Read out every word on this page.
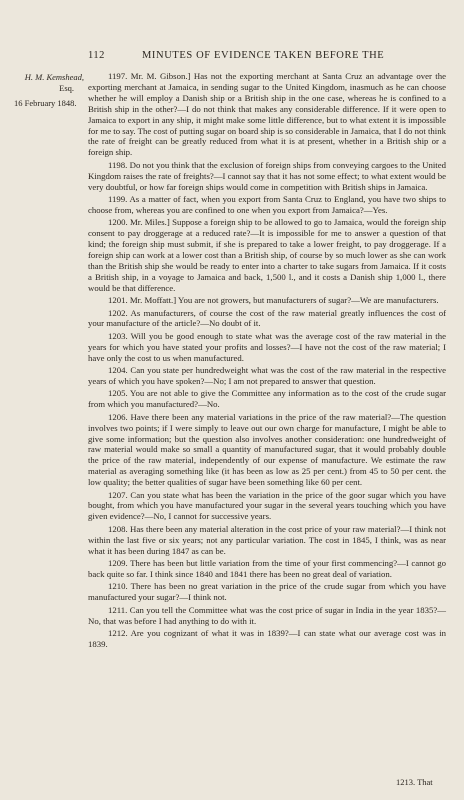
112	MINUTES OF EVIDENCE TAKEN BEFORE THE
H. M. Kemshead,
Esq.
16 February 1848.

1197. Mr. M. Gibson.] Has not the exporting merchant at Santa Cruz an advantage over the exporting merchant at Jamaica, in sending sugar to the United Kingdom, inasmuch as he can choose whether he will employ a Danish ship or a British ship in the one case, whereas he is confined to a British ship in the other?—I do not think that makes any considerable difference. If it were open to Jamaica to export in any ship, it might make some little difference, but to what extent it is impossible for me to say. The cost of putting sugar on board ship is so considerable in Jamaica, that I do not think the rate of freight can be greatly reduced from what it is at present, whether in a British ship or a foreign ship.

1198. Do not you think that the exclusion of foreign ships from conveying cargoes to the United Kingdom raises the rate of freights?—I cannot say that it has not some effect; to what extent would be very doubtful, or how far foreign ships would come in competition with British ships in Jamaica.

1199. As a matter of fact, when you export from Santa Cruz to England, you have two ships to choose from, whereas you are confined to one when you export from Jamaica?—Yes.

1200. Mr. Miles.] Suppose a foreign ship to be allowed to go to Jamaica, would the foreign ship consent to pay droggerage at a reduced rate?—It is impossible for me to answer a question of that kind; the foreign ship must submit, if she is prepared to take a lower freight, to pay droggerage. If a foreign ship can work at a lower cost than a British ship, of course by so much lower as she can work than the British ship she would be ready to enter into a charter to take sugars from Jamaica. If it costs a British ship, in a voyage to Jamaica and back, 1,500 l., and it costs a Danish ship 1,000 l., there would be that difference.

1201. Mr. Moffatt.] You are not growers, but manufacturers of sugar?—We are manufacturers.

1202. As manufacturers, of course the cost of the raw material greatly influences the cost of your manufacture of the article?—No doubt of it.

1203. Will you be good enough to state what was the average cost of the raw material in the years for which you have stated your profits and losses?—I have not the cost of the raw material; I have only the cost to us when manufactured.

1204. Can you state per hundredweight what was the cost of the raw material in the respective years of which you have spoken?—No; I am not prepared to answer that question.

1205. You are not able to give the Committee any information as to the cost of the crude sugar from which you manufactured?—No.

1206. Have there been any material variations in the price of the raw material?—The question involves two points; if I were simply to leave out our own charge for manufacture, I might be able to give some information; but the question also involves another consideration: one hundredweight of raw material would make so small a quantity of manufactured sugar, that it would probably double the price of the raw material, independently of our expense of manufacture. We estimate the raw material as averaging something like (it has been as low as 25 per cent.) from 45 to 50 per cent. the low quality; the better qualities of sugar have been something like 60 per cent.

1207. Can you state what has been the variation in the price of the goor sugar which you have bought, from which you have manufactured your sugar in the several years touching which you have given evidence?—No, I cannot for successive years.

1208. Has there been any material alteration in the cost price of your raw material?—I think not within the last five or six years; not any particular variation. The cost in 1845, I think, was as near what it has been during 1847 as can be.

1209. There has been but little variation from the time of your first commencing?—I cannot go back quite so far. I think since 1840 and 1841 there has been no great deal of variation.

1210. There has been no great variation in the price of the crude sugar from which you have manufactured your sugar?—I think not.

1211. Can you tell the Committee what was the cost price of sugar in India in the year 1835?—No, that was before I had anything to do with it.

1212. Are you cognizant of what it was in 1839?—I can state what our average cost was in 1839.

1213. That
